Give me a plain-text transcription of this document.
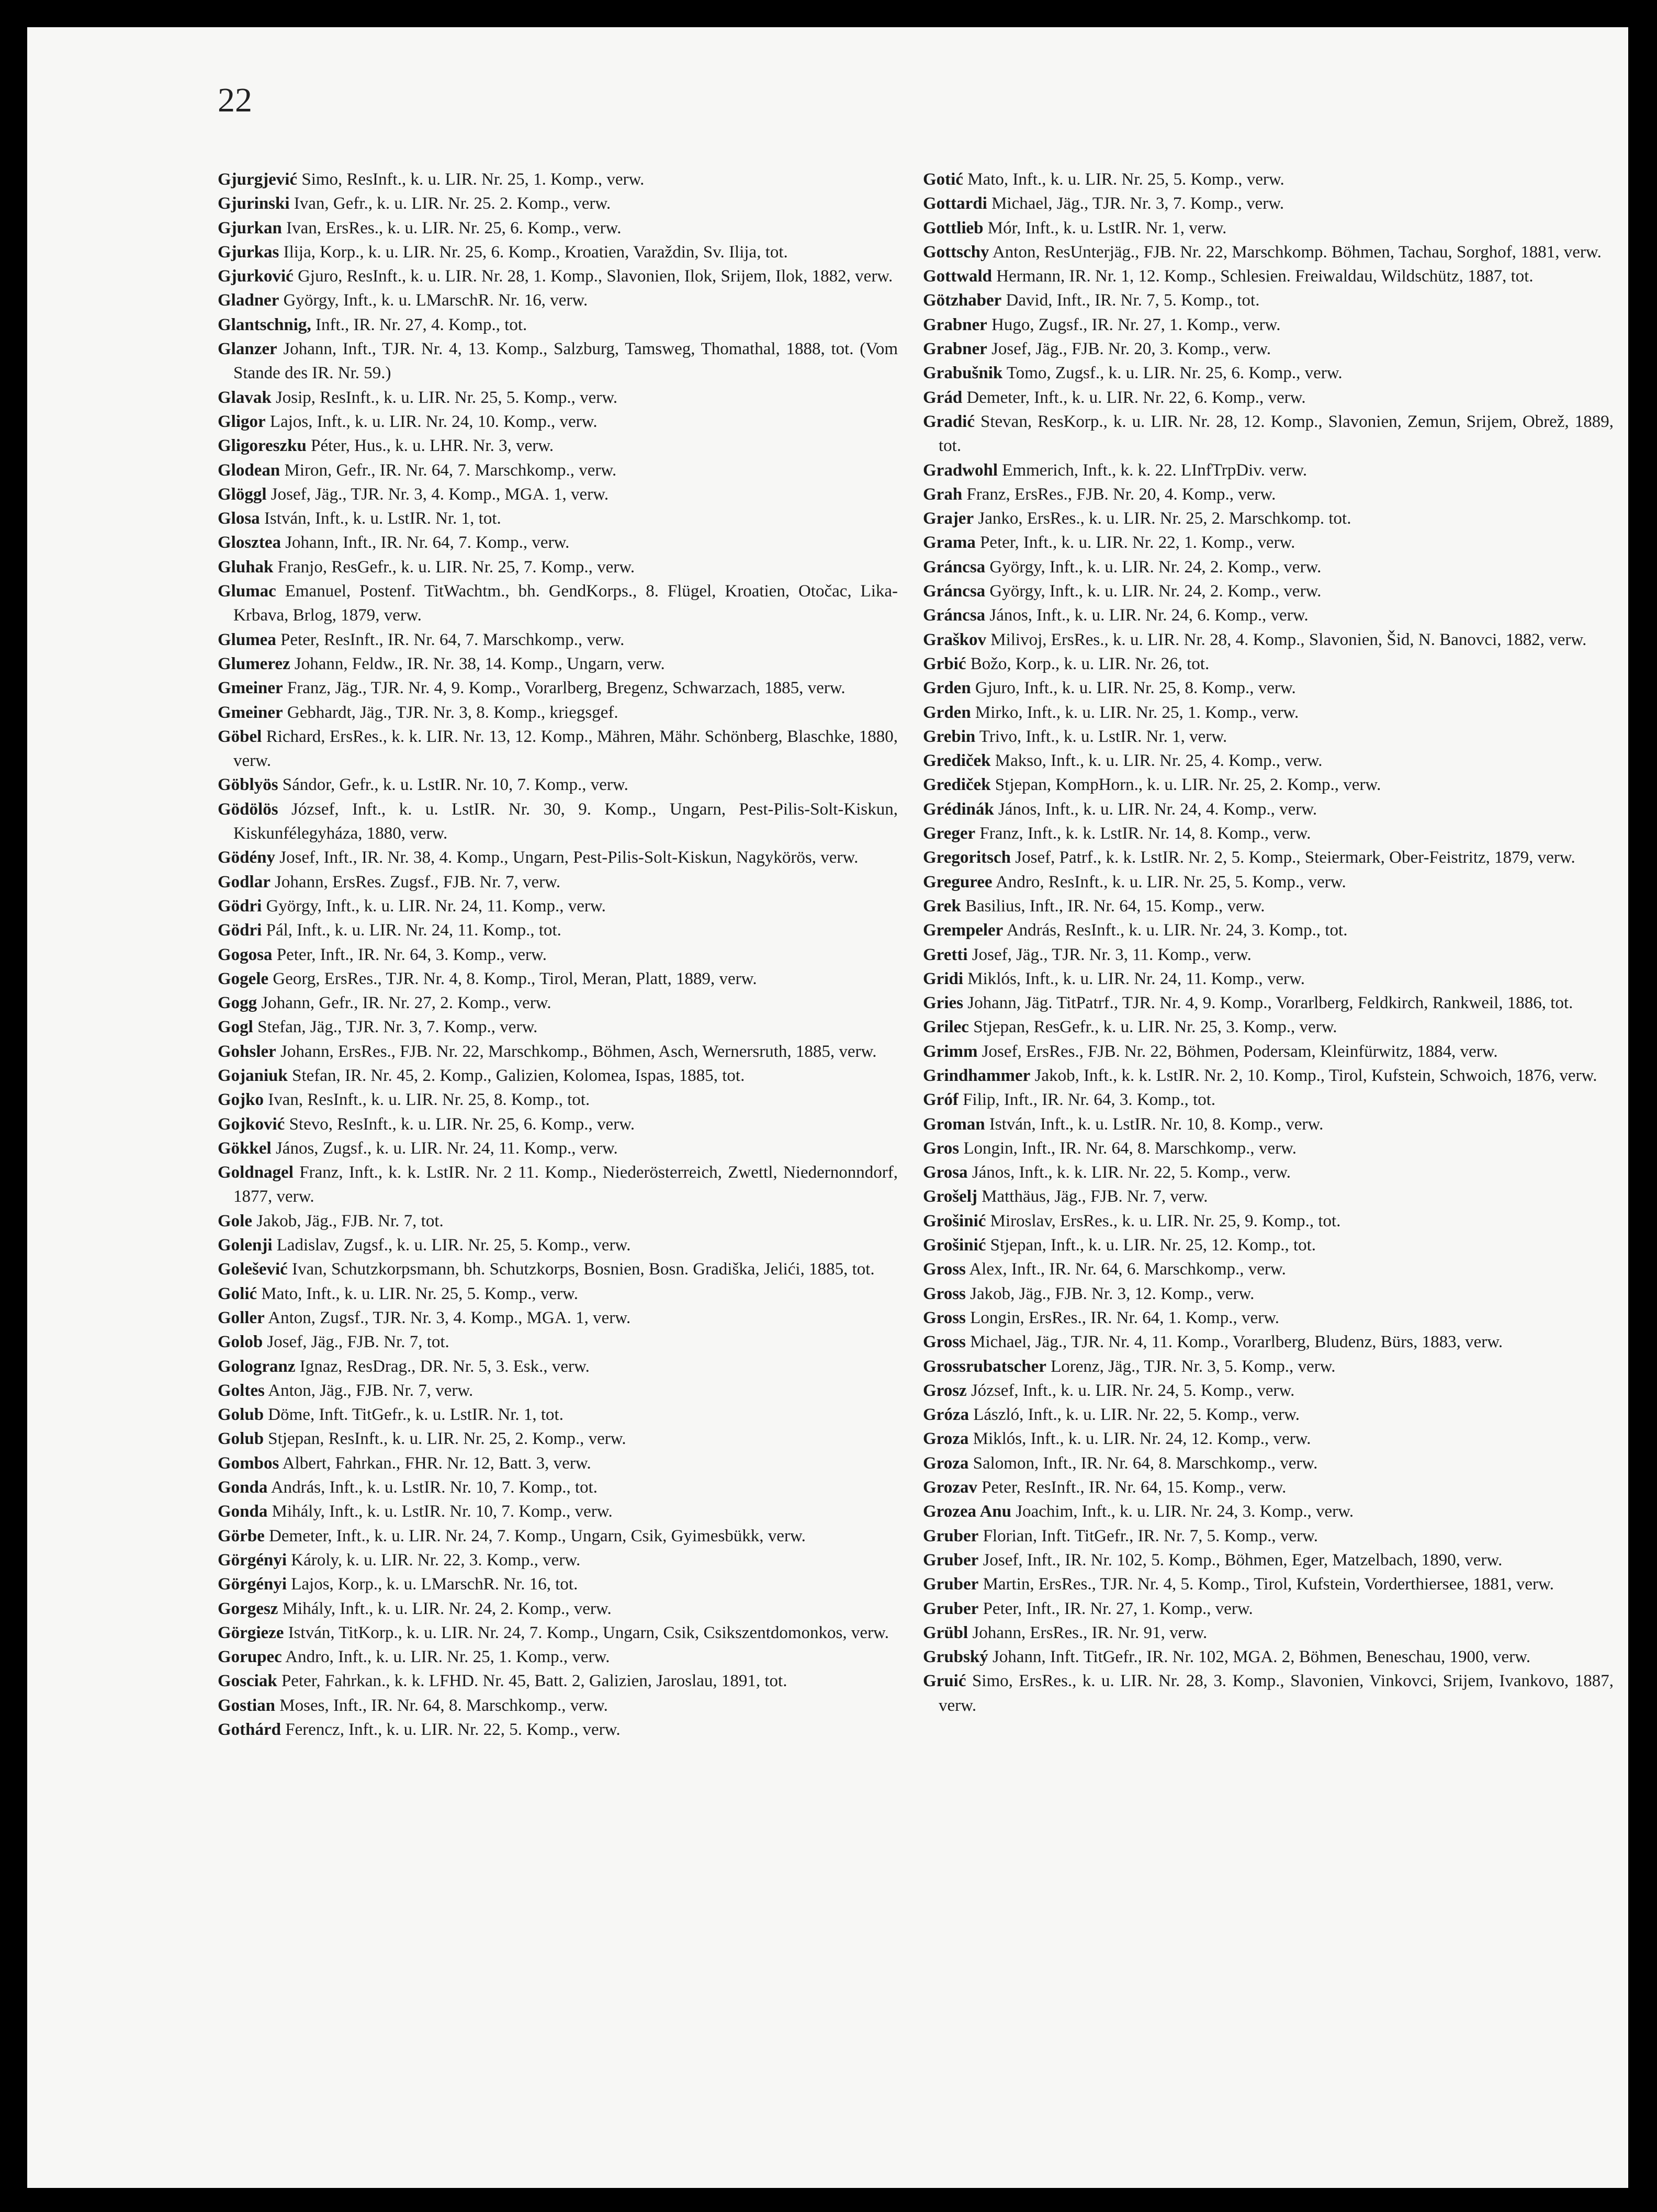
22
Gjurgjević Simo, ResInft., k. u. LIR. Nr. 25, 1. Komp., verw.
Gjurinski Ivan, Gefr., k. u. LIR. Nr. 25. 2. Komp., verw.
Gjurkan Ivan, ErsRes., k. u. LIR. Nr. 25, 6. Komp., verw.
Gjurkas Ilija, Korp., k. u. LIR. Nr. 25, 6. Komp., Kroatien, Varaždin, Sv. Ilija, tot.
Gjurković Gjuro, ResInft., k. u. LIR. Nr. 28, 1. Komp., Slavonien, Ilok, Srijem, Ilok, 1882, verw.
Gladner György, Inft., k. u. LMarschR. Nr. 16, verw.
Glantschnig, Inft., IR. Nr. 27, 4. Komp., tot.
Glanzer Johann, Inft., TJR. Nr. 4, 13. Komp., Salzburg, Tamsweg, Thomathal, 1888, tot. (Vom Stande des IR. Nr. 59.)
Glavak Josip, ResInft., k. u. LIR. Nr. 25, 5. Komp., verw.
Gligor Lajos, Inft., k. u. LIR. Nr. 24, 10. Komp., verw.
Gligoreszku Péter, Hus., k. u. LHR. Nr. 3, verw.
Glodean Miron, Gefr., IR. Nr. 64, 7. Marschkomp., verw.
Glöggl Josef, Jäg., TJR. Nr. 3, 4. Komp., MGA. 1, verw.
Glosa István, Inft., k. u. LstIR. Nr. 1, tot.
Glosztea Johann, Inft., IR. Nr. 64, 7. Komp., verw.
Gluhak Franjo, ResGefr., k. u. LIR. Nr. 25, 7. Komp., verw.
Glumac Emanuel, Postenf. TitWachtm., bh. GendKorps., 8. Flügel, Kroatien, Otočac, Lika-Krbava, Brlog, 1879, verw.
Glumea Peter, ResInft., IR. Nr. 64, 7. Marschkomp., verw.
Glumerez Johann, Feldw., IR. Nr. 38, 14. Komp., Ungarn, verw.
Gmeiner Franz, Jäg., TJR. Nr. 4, 9. Komp., Vorarlberg, Bregenz, Schwarzach, 1885, verw.
Gmeiner Gebhardt, Jäg., TJR. Nr. 3, 8. Komp., kriegsgef.
Göbel Richard, ErsRes., k. k. LIR. Nr. 13, 12. Komp., Mähren, Mähr. Schönberg, Blaschke, 1880, verw.
Göblyös Sándor, Gefr., k. u. LstIR. Nr. 10, 7. Komp., verw.
Gödölös József, Inft., k. u. LstIR. Nr. 30, 9. Komp., Ungarn, Pest-Pilis-Solt-Kiskun, Kiskunfélegyháza, 1880, verw.
Gödény Josef, Inft., IR. Nr. 38, 4. Komp., Ungarn, Pest-Pilis-Solt-Kiskun, Nagykörös, verw.
Godlar Johann, ErsRes. Zugsf., FJB. Nr. 7, verw.
Gödri György, Inft., k. u. LIR. Nr. 24, 11. Komp., verw.
Gödri Pál, Inft., k. u. LIR. Nr. 24, 11. Komp., tot.
Gogosa Peter, Inft., IR. Nr. 64, 3. Komp., verw.
Gogele Georg, ErsRes., TJR. Nr. 4, 8. Komp., Tirol, Meran, Platt, 1889, verw.
Gogg Johann, Gefr., IR. Nr. 27, 2. Komp., verw.
Gogl Stefan, Jäg., TJR. Nr. 3, 7. Komp., verw.
Gohsler Johann, ErsRes., FJB. Nr. 22, Marschkomp., Böhmen, Asch, Wernersruth, 1885, verw.
Gojaniuk Stefan, IR. Nr. 45, 2. Komp., Galizien, Kolomea, Ispas, 1885, tot.
Gojko Ivan, ResInft., k. u. LIR. Nr. 25, 8. Komp., tot.
Gojković Stevo, ResInft., k. u. LIR. Nr. 25, 6. Komp., verw.
Gökkel János, Zugsf., k. u. LIR. Nr. 24, 11. Komp., verw.
Goldnagel Franz, Inft., k. k. LstIR. Nr. 2 11. Komp., Niederösterreich, Zwettl, Niedernonndorf, 1877, verw.
Gole Jakob, Jäg., FJB. Nr. 7, tot.
Golenji Ladislav, Zugsf., k. u. LIR. Nr. 25, 5. Komp., verw.
Golešević Ivan, Schutzkorpsmann, bh. Schutzkorps, Bosnien, Bosn. Gradiška, Jelići, 1885, tot.
Golić Mato, Inft., k. u. LIR. Nr. 25, 5. Komp., verw.
Goller Anton, Zugsf., TJR. Nr. 3, 4. Komp., MGA. 1, verw.
Golob Josef, Jäg., FJB. Nr. 7, tot.
Gologranz Ignaz, ResDrag., DR. Nr. 5, 3. Esk., verw.
Goltes Anton, Jäg., FJB. Nr. 7, verw.
Golub Döme, Inft. TitGefr., k. u. LstIR. Nr. 1, tot.
Golub Stjepan, ResInft., k. u. LIR. Nr. 25, 2. Komp., verw.
Gombos Albert, Fahrkan., FHR. Nr. 12, Batt. 3, verw.
Gonda András, Inft., k. u. LstIR. Nr. 10, 7. Komp., tot.
Gonda Mihály, Inft., k. u. LstIR. Nr. 10, 7. Komp., verw.
Görbe Demeter, Inft., k. u. LIR. Nr. 24, 7. Komp., Ungarn, Csik, Gyimesbükk, verw.
Görgényi Károly, k. u. LIR. Nr. 22, 3. Komp., verw.
Görgényi Lajos, Korp., k. u. LMarschR. Nr. 16, tot.
Gorgesz Mihály, Inft., k. u. LIR. Nr. 24, 2. Komp., verw.
Görgieze István, TitKorp., k. u. LIR. Nr. 24, 7. Komp., Ungarn, Csik, Csikszentdomonkos, verw.
Gorupec Andro, Inft., k. u. LIR. Nr. 25, 1. Komp., verw.
Gosciak Peter, Fahrkan., k. k. LFHD. Nr. 45, Batt. 2, Galizien, Jaroslau, 1891, tot.
Gostian Moses, Inft., IR. Nr. 64, 8. Marschkomp., verw.
Gothárd Ferencz, Inft., k. u. LIR. Nr. 22, 5. Komp., verw.
Gotić Mato, Inft., k. u. LIR. Nr. 25, 5. Komp., verw.
Gottardi Michael, Jäg., TJR. Nr. 3, 7. Komp., verw.
Gottlieb Mór, Inft., k. u. LstIR. Nr. 1, verw.
Gottschy Anton, ResUnterjäg., FJB. Nr. 22, Marschkomp. Böhmen, Tachau, Sorghof, 1881, verw.
Gottwald Hermann, IR. Nr. 1, 12. Komp., Schlesien. Freiwaldau, Wildschütz, 1887, tot.
Götzhaber David, Inft., IR. Nr. 7, 5. Komp., tot.
Grabner Hugo, Zugsf., IR. Nr. 27, 1. Komp., verw.
Grabner Josef, Jäg., FJB. Nr. 20, 3. Komp., verw.
Grabušnik Tomo, Zugsf., k. u. LIR. Nr. 25, 6. Komp., verw.
Grád Demeter, Inft., k. u. LIR. Nr. 22, 6. Komp., verw.
Gradić Stevan, ResKorp., k. u. LIR. Nr. 28, 12. Komp., Slavonien, Zemun, Srijem, Obrež, 1889, tot.
Gradwohl Emmerich, Inft., k. k. 22. LInfTrpDiv. verw.
Grah Franz, ErsRes., FJB. Nr. 20, 4. Komp., verw.
Grajer Janko, ErsRes., k. u. LIR. Nr. 25, 2. Marschkomp. tot.
Grama Peter, Inft., k. u. LIR. Nr. 22, 1. Komp., verw.
Gráncsa György, Inft., k. u. LIR. Nr. 24, 2. Komp., verw.
Gráncsa György, Inft., k. u. LIR. Nr. 24, 2. Komp., verw.
Gráncsa János, Inft., k. u. LIR. Nr. 24, 6. Komp., verw.
Graškov Milivoj, ErsRes., k. u. LIR. Nr. 28, 4. Komp., Slavonien, Šid, N. Banovci, 1882, verw.
Grbić Božo, Korp., k. u. LIR. Nr. 26, tot.
Grden Gjuro, Inft., k. u. LIR. Nr. 25, 8. Komp., verw.
Grden Mirko, Inft., k. u. LIR. Nr. 25, 1. Komp., verw.
Grebin Trivo, Inft., k. u. LstIR. Nr. 1, verw.
Grediček Makso, Inft., k. u. LIR. Nr. 25, 4. Komp., verw.
Grediček Stjepan, KompHorn., k. u. LIR. Nr. 25, 2. Komp., verw.
Grédinák János, Inft., k. u. LIR. Nr. 24, 4. Komp., verw.
Greger Franz, Inft., k. k. LstIR. Nr. 14, 8. Komp., verw.
Gregoritsch Josef, Patrf., k. k. LstIR. Nr. 2, 5. Komp., Steiermark, Ober-Feistritz, 1879, verw.
Greguree Andro, ResInft., k. u. LIR. Nr. 25, 5. Komp., verw.
Grek Basilius, Inft., IR. Nr. 64, 15. Komp., verw.
Grempeler András, ResInft., k. u. LIR. Nr. 24, 3. Komp., tot.
Gretti Josef, Jäg., TJR. Nr. 3, 11. Komp., verw.
Gridi Miklós, Inft., k. u. LIR. Nr. 24, 11. Komp., verw.
Gries Johann, Jäg. TitPatrf., TJR. Nr. 4, 9. Komp., Vorarlberg, Feldkirch, Rankweil, 1886, tot.
Grilec Stjepan, ResGefr., k. u. LIR. Nr. 25, 3. Komp., verw.
Grimm Josef, ErsRes., FJB. Nr. 22, Böhmen, Podersam, Kleinfürwitz, 1884, verw.
Grindhammer Jakob, Inft., k. k. LstIR. Nr. 2, 10. Komp., Tirol, Kufstein, Schwoich, 1876, verw.
Gróf Filip, Inft., IR. Nr. 64, 3. Komp., tot.
Groman István, Inft., k. u. LstIR. Nr. 10, 8. Komp., verw.
Gros Longin, Inft., IR. Nr. 64, 8. Marschkomp., verw.
Grosa János, Inft., k. k. LIR. Nr. 22, 5. Komp., verw.
Grošelj Matthäus, Jäg., FJB. Nr. 7, verw.
Grošinić Miroslav, ErsRes., k. u. LIR. Nr. 25, 9. Komp., tot.
Grošinić Stjepan, Inft., k. u. LIR. Nr. 25, 12. Komp., tot.
Gross Alex, Inft., IR. Nr. 64, 6. Marschkomp., verw.
Gross Jakob, Jäg., FJB. Nr. 3, 12. Komp., verw.
Gross Longin, ErsRes., IR. Nr. 64, 1. Komp., verw.
Gross Michael, Jäg., TJR. Nr. 4, 11. Komp., Vorarlberg, Bludenz, Bürs, 1883, verw.
Grossrubatscher Lorenz, Jäg., TJR. Nr. 3, 5. Komp., verw.
Grosz József, Inft., k. u. LIR. Nr. 24, 5. Komp., verw.
Gróza László, Inft., k. u. LIR. Nr. 22, 5. Komp., verw.
Groza Miklós, Inft., k. u. LIR. Nr. 24, 12. Komp., verw.
Groza Salomon, Inft., IR. Nr. 64, 8. Marschkomp., verw.
Grozav Peter, ResInft., IR. Nr. 64, 15. Komp., verw.
Grozea Anu Joachim, Inft., k. u. LIR. Nr. 24, 3. Komp., verw.
Gruber Florian, Inft. TitGefr., IR. Nr. 7, 5. Komp., verw.
Gruber Josef, Inft., IR. Nr. 102, 5. Komp., Böhmen, Eger, Matzelbach, 1890, verw.
Gruber Martin, ErsRes., TJR. Nr. 4, 5. Komp., Tirol, Kufstein, Vorderthiersee, 1881, verw.
Gruber Peter, Inft., IR. Nr. 27, 1. Komp., verw.
Grübl Johann, ErsRes., IR. Nr. 91, verw.
Grubský Johann, Inft. TitGefr., IR. Nr. 102, MGA. 2, Böhmen, Beneschau, 1900, verw.
Gruić Simo, ErsRes., k. u. LIR. Nr. 28, 3. Komp., Slavonien, Vinkovci, Srijem, Ivankovo, 1887, verw.
